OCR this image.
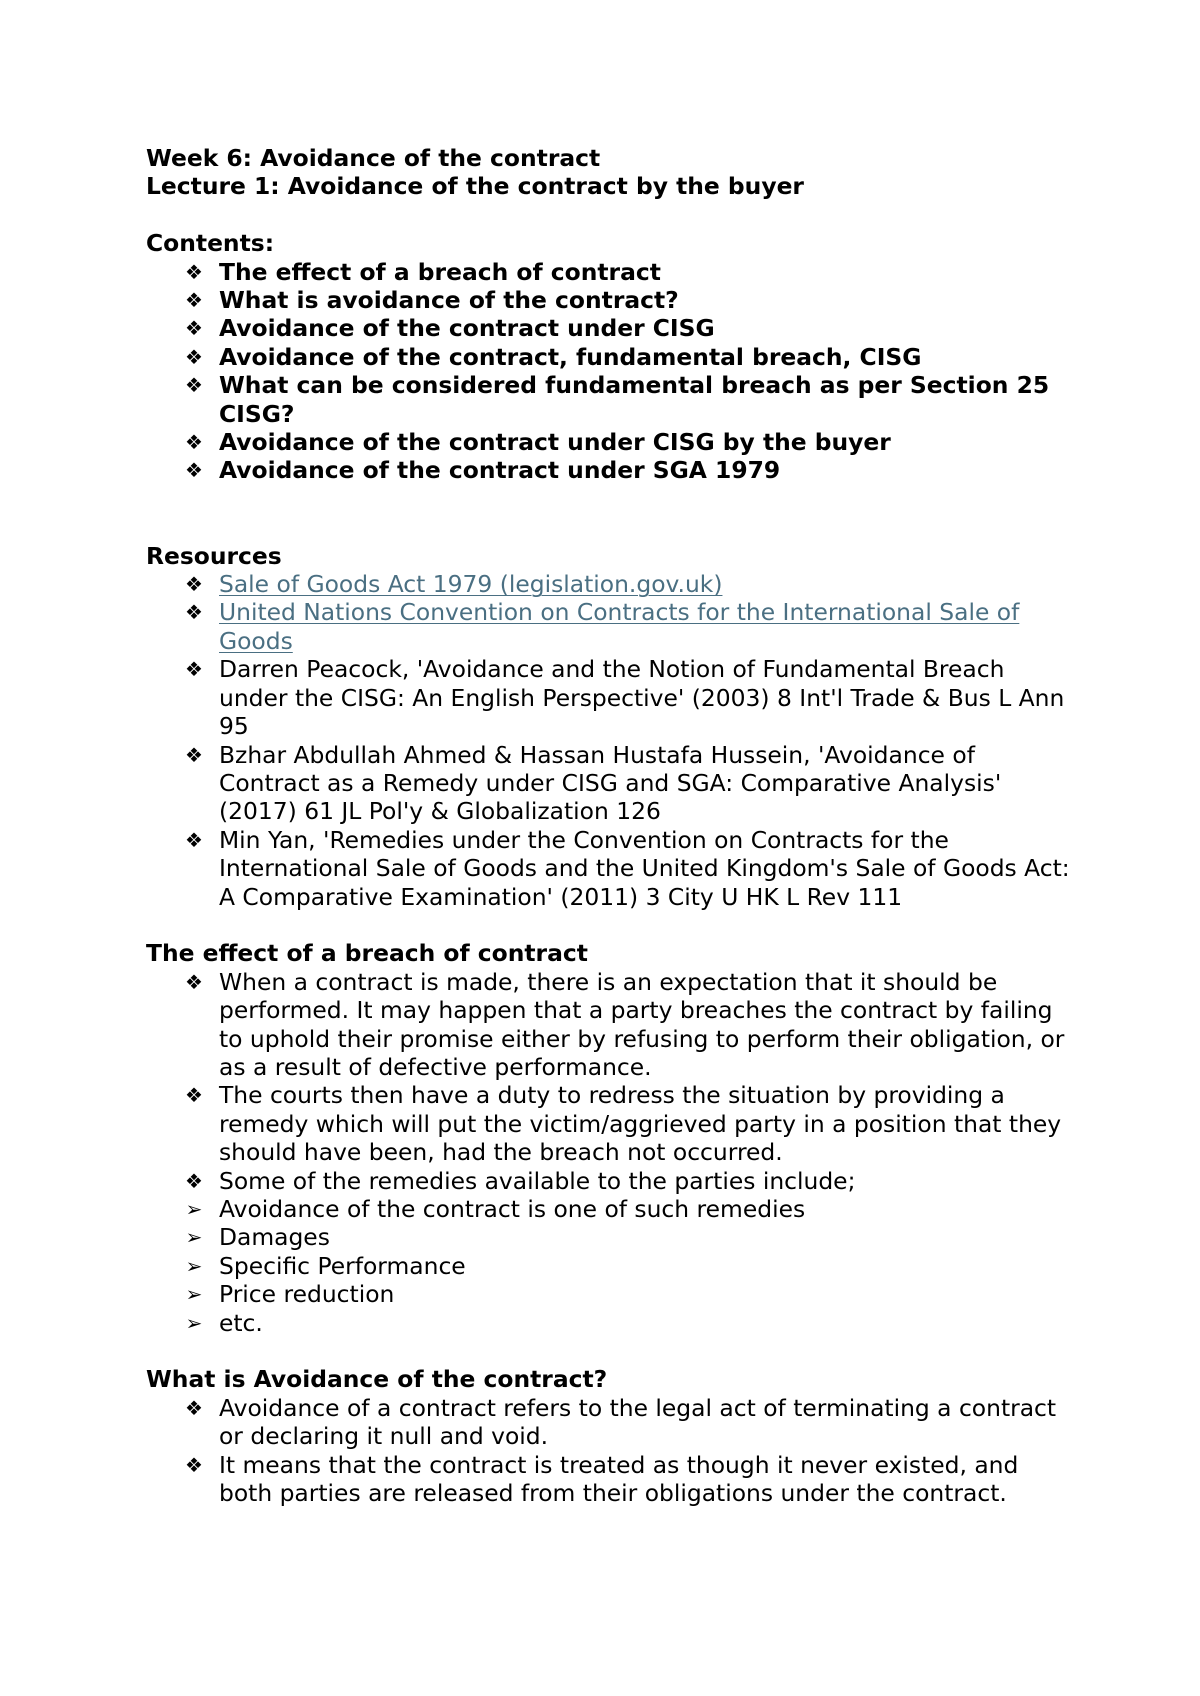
Week 6: Avoidance of the contract
Lecture 1: Avoidance of the contract by the buyer
Contents:
❖ The effect of a breach of contract
❖ What is avoidance of the contract?
❖ Avoidance of the contract under CISG
❖ Avoidance of the contract, fundamental breach, CISG
❖ What can be considered fundamental breach as per Section 25 CISG?
❖ Avoidance of the contract under CISG by the buyer
❖ Avoidance of the contract under SGA 1979
Resources
❖ Sale of Goods Act 1979 (legislation.gov.uk)
❖ United Nations Convention on Contracts for the International Sale of Goods
❖ Darren Peacock, 'Avoidance and the Notion of Fundamental Breach under the CISG: An English Perspective' (2003) 8 Int'l Trade & Bus L Ann 95
❖ Bzhar Abdullah Ahmed & Hassan Hustafa Hussein, 'Avoidance of Contract as a Remedy under CISG and SGA: Comparative Analysis' (2017) 61 JL Pol'y & Globalization 126
❖ Min Yan, 'Remedies under the Convention on Contracts for the International Sale of Goods and the United Kingdom's Sale of Goods Act: A Comparative Examination' (2011) 3 City U HK L Rev 111
The effect of a breach of contract
❖ When a contract is made, there is an expectation that it should be performed. It may happen that a party breaches the contract by failing to uphold their promise either by refusing to perform their obligation, or as a result of defective performance.
❖ The courts then have a duty to redress the situation by providing a remedy which will put the victim/aggrieved party in a position that they should have been, had the breach not occurred.
❖ Some of the remedies available to the parties include;
➢ Avoidance of the contract is one of such remedies
➢ Damages
➢ Specific Performance
➢ Price reduction
➢ etc.
What is Avoidance of the contract?
❖ Avoidance of a contract refers to the legal act of terminating a contract or declaring it null and void.
❖ It means that the contract is treated as though it never existed, and both parties are released from their obligations under the contract.
